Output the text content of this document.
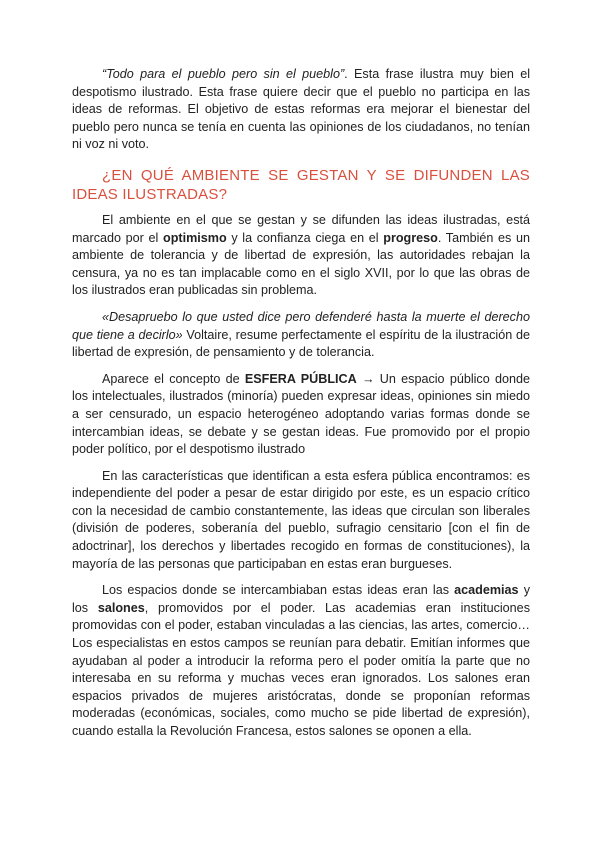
“Todo para el pueblo pero sin el pueblo”. Esta frase ilustra muy bien el despotismo ilustrado. Esta frase quiere decir que el pueblo no participa en las ideas de reformas. El objetivo de estas reformas era mejorar el bienestar del pueblo pero nunca se tenía en cuenta las opiniones de los ciudadanos, no tenían ni voz ni voto.

¿EN QUÉ AMBIENTE SE GESTAN Y SE DIFUNDEN LAS IDEAS ILUSTRADAS?

El ambiente en el que se gestan y se difunden las ideas ilustradas, está marcado por el optimismo y la confianza ciega en el progreso. También es un ambiente de tolerancia y de libertad de expresión, las autoridades rebajan la censura, ya no es tan implacable como en el siglo XVII, por lo que las obras de los ilustrados eran publicadas sin problema.

«Desapruebo lo que usted dice pero defenderé hasta la muerte el derecho que tiene a decirlo» Voltaire, resume perfectamente el espíritu de la ilustración de libertad de expresión, de pensamiento y de tolerancia.

Aparece el concepto de ESFERA PÚBLICA → Un espacio público donde los intelectuales, ilustrados (minoría) pueden expresar ideas, opiniones sin miedo a ser censurado, un espacio heterogéneo adoptando varias formas donde se intercambian ideas, se debate y se gestan ideas. Fue promovido por el propio poder político, por el despotismo ilustrado

En las características que identifican a esta esfera pública encontramos: es independiente del poder a pesar de estar dirigido por este, es un espacio crítico con la necesidad de cambio constantemente, las ideas que circulan son liberales (división de poderes, soberanía del pueblo, sufragio censitario [con el fin de adoctrinar], los derechos y libertades recogido en formas de constituciones), la mayoría de las personas que participaban en estas eran burgueses.

Los espacios donde se intercambiaban estas ideas eran las academias y los salones, promovidos por el poder. Las academias eran instituciones promovidas con el poder, estaban vinculadas a las ciencias, las artes, comercio… Los especialistas en estos campos se reunían para debatir. Emitían informes que ayudaban al poder a introducir la reforma pero el poder omitía la parte que no interesaba en su reforma y muchas veces eran ignorados. Los salones eran espacios privados de mujeres aristócratas, donde se proponían reformas moderadas (económicas, sociales, como mucho se pide libertad de expresión), cuando estalla la Revolución Francesa, estos salones se oponen a ella.
